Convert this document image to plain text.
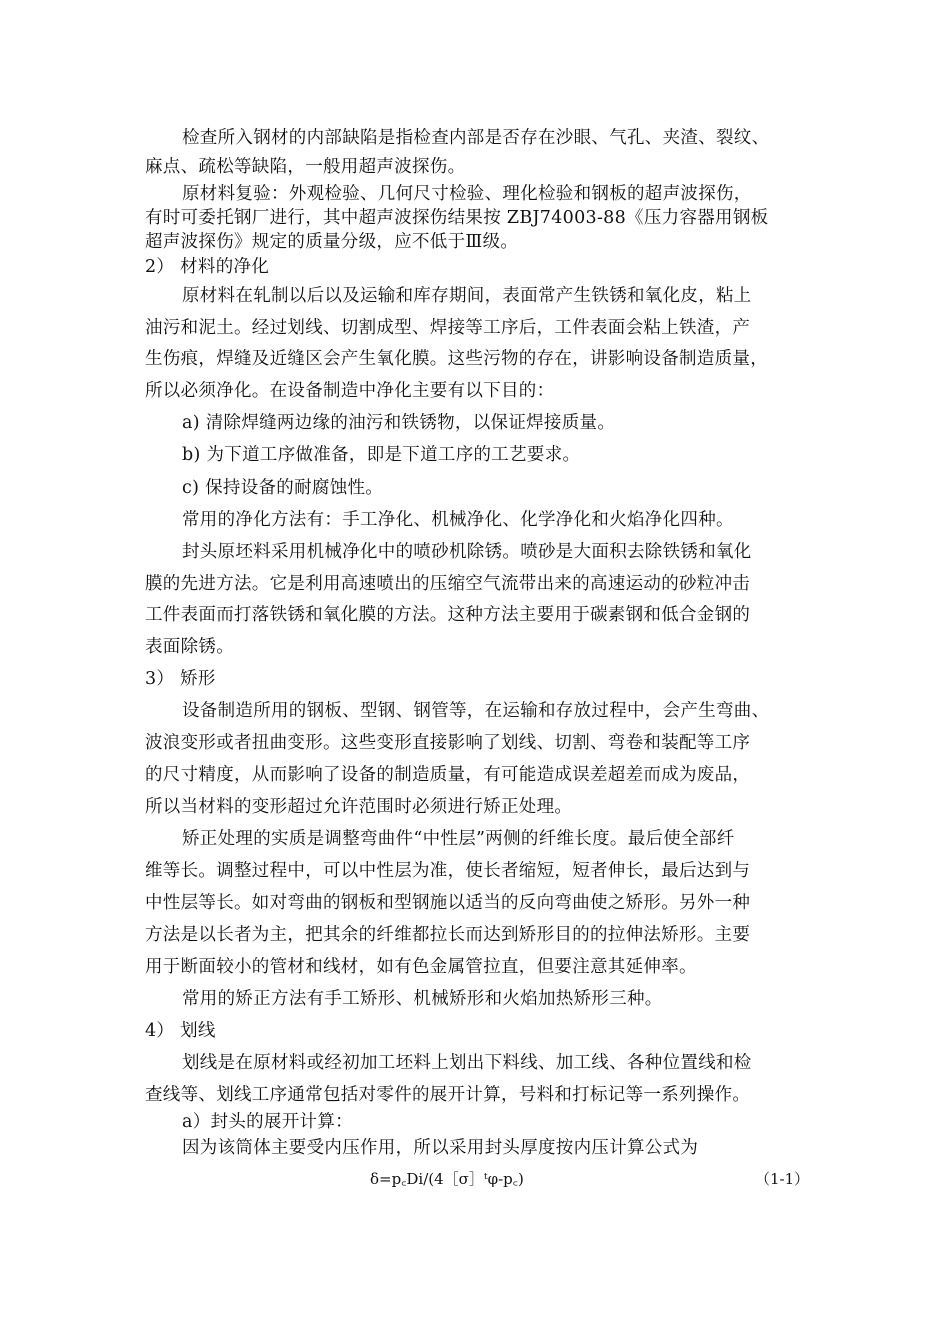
检查所入钢材的内部缺陷是指检查内部是否存在沙眼、气孔、夹渣、裂纹、
麻点、疏松等缺陷，一般用超声波探伤。
原材料复验：外观检验、几何尺寸检验、理化检验和钢板的超声波探伤，
有时可委托钢厂进行，其中超声波探伤结果按 ZBJ74003-88《压力容器用钢板
超声波探伤》规定的质量分级，应不低于Ⅲ级。
2） 材料的净化
原材料在轧制以后以及运输和库存期间，表面常产生铁锈和氧化皮，粘上
油污和泥土。经过划线、切割成型、焊接等工序后，工件表面会粘上铁渣，产
生伤痕，焊缝及近缝区会产生氧化膜。这些污物的存在，讲影响设备制造质量，
所以必须净化。在设备制造中净化主要有以下目的：
a) 清除焊缝两边缘的油污和铁锈物，以保证焊接质量。
b) 为下道工序做准备，即是下道工序的工艺要求。
c) 保持设备的耐腐蚀性。
常用的净化方法有：手工净化、机械净化、化学净化和火焰净化四种。
封头原坯料采用机械净化中的喷砂机除锈。喷砂是大面积去除铁锈和氧化
膜的先进方法。它是利用高速喷出的压缩空气流带出来的高速运动的砂粒冲击
工件表面而打落铁锈和氧化膜的方法。这种方法主要用于碳素钢和低合金钢的
表面除锈。
3） 矫形
设备制造所用的钢板、型钢、钢管等，在运输和存放过程中，会产生弯曲、
波浪变形或者扭曲变形。这些变形直接影响了划线、切割、弯卷和装配等工序
的尺寸精度，从而影响了设备的制造质量，有可能造成误差超差而成为废品，
所以当材料的变形超过允许范围时必须进行矫正处理。
矫正处理的实质是调整弯曲件“中性层”两侧的纤维长度。最后使全部纤
维等长。调整过程中，可以中性层为准，使长者缩短，短者伸长，最后达到与
中性层等长。如对弯曲的钢板和型钢施以适当的反向弯曲使之矫形。另外一种
方法是以长者为主，把其余的纤维都拉长而达到矫形目的的拉伸法矫形。主要
用于断面较小的管材和线材，如有色金属管拉直，但要注意其延伸率。
常用的矫正方法有手工矫形、机械矫形和火焰加热矫形三种。
4） 划线
划线是在原材料或经初加工坯料上划出下料线、加工线、各种位置线和检
查线等、划线工序通常包括对零件的展开计算，号料和打标记等一系列操作。
a）封头的展开计算：
因为该筒体主要受内压作用，所以采用封头厚度按内压计算公式为
δ=p꜀Di/(4［σ］ᵗφ-p꜀)	（1-1）
